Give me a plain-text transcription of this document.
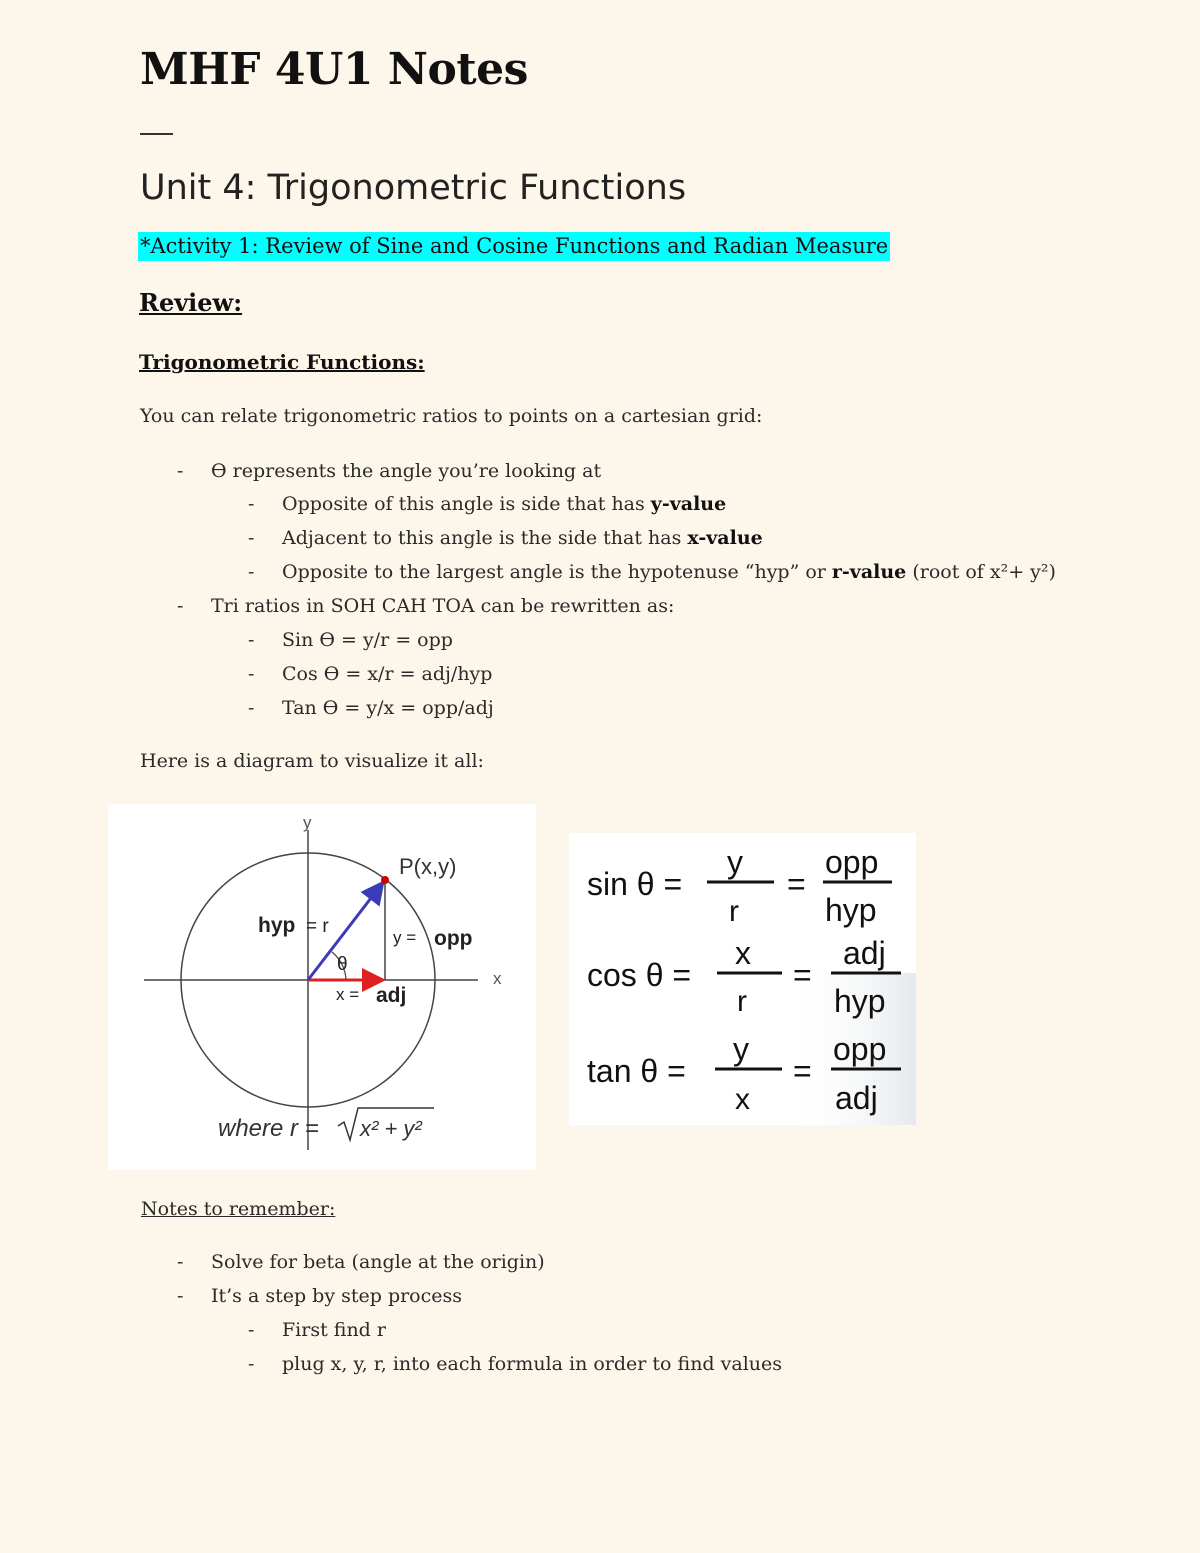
MHF 4U1 Notes
Unit 4: Trigonometric Functions
*Activity 1: Review of Sine and Cosine Functions and Radian Measure
Review:
Trigonometric Functions:
You can relate trigonometric ratios to points on a cartesian grid:
- ϴ represents the angle you’re looking at
- Opposite of this angle is side that has y-value
- Adjacent to this angle is the side that has x-value
- Opposite to the largest angle is the hypotenuse “hyp” or r-value (root of x²+ y²)
- Tri ratios in SOH CAH TOA can be rewritten as:
- Sin ϴ = y/r = opp
- Cos ϴ = x/r = adj/hyp
- Tan ϴ = y/x = opp/adj
Here is a diagram to visualize it all:
y
x
P(x,y)
hyp = r
θ
y = opp
x = adj
where r = x² + y²
sin θ =
y
r
=
opp
hyp
cos θ =
x
r
=
adj
hyp
tan θ =
y
x
=
opp
adj
Notes to remember:
- Solve for beta (angle at the origin)
- It’s a step by step process
- First find r
- plug x, y, r, into each formula in order to find values
